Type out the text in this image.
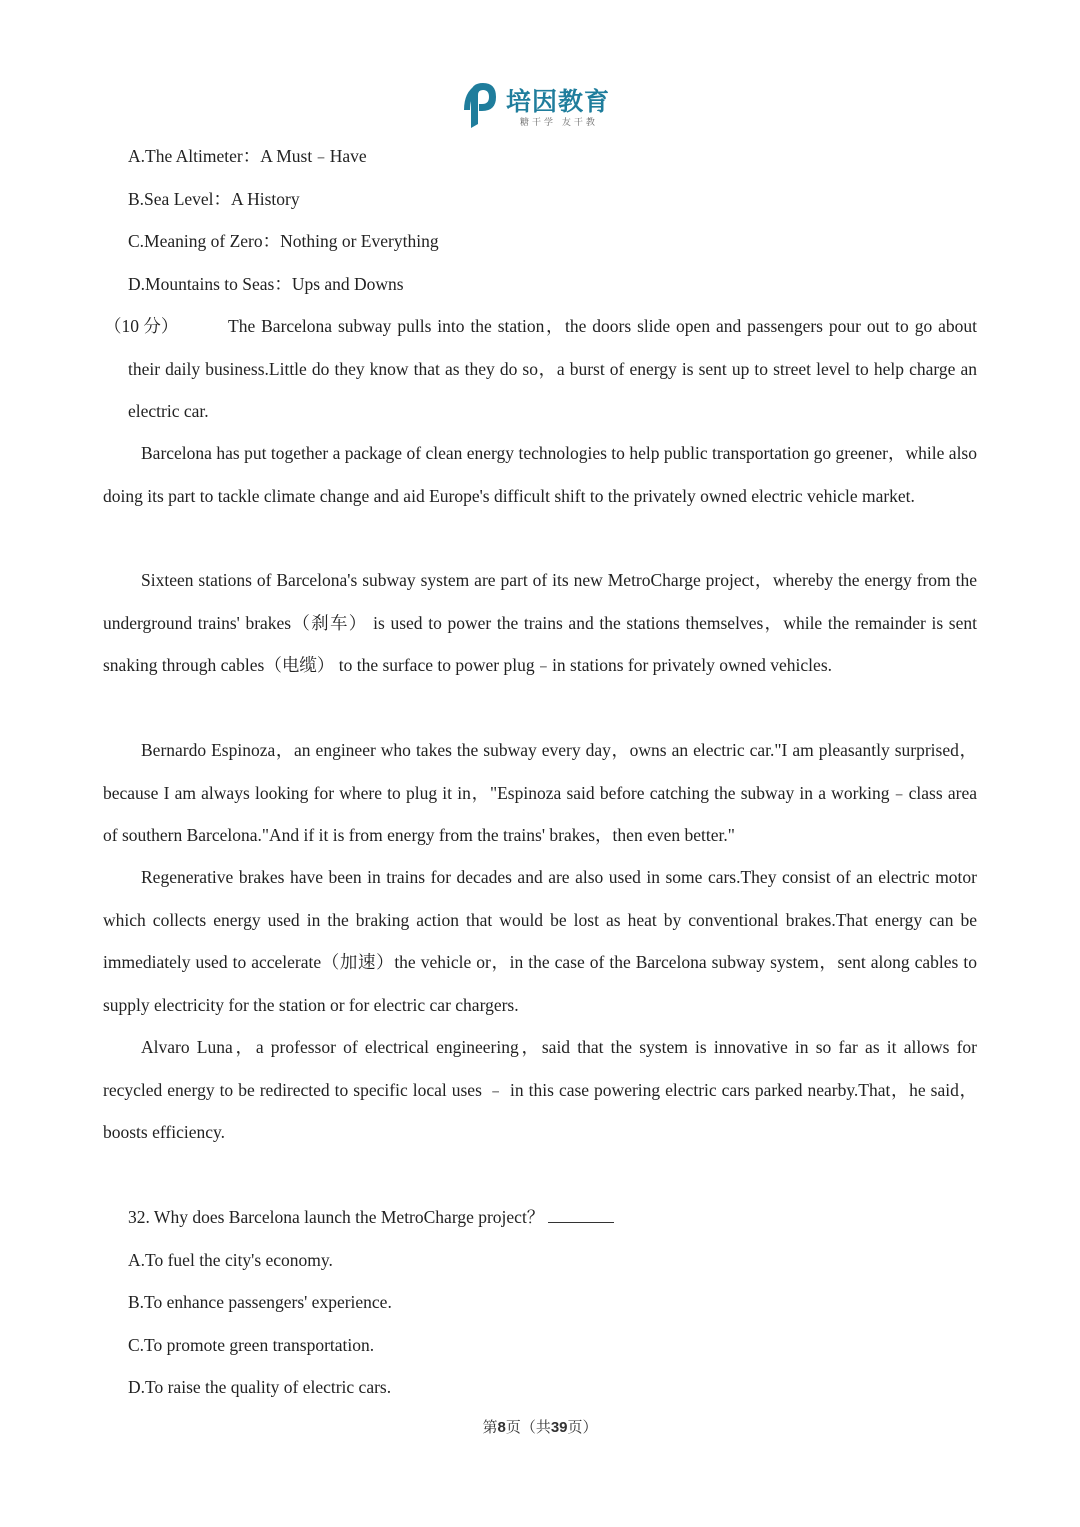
培因教育
糖干学 友干教
A.The Altimeter：A Must﹣Have
B.Sea Level：A History
C.Meaning of Zero：Nothing or Everything
D.Mountains to Seas：Ups and Downs

（10 分）	The Barcelona subway pulls into the station，the doors slide open and passengers pour out to go about their daily business.Little do they know that as they do so，a burst of energy is sent up to street level to help charge an electric car.

Barcelona has put together a package of clean energy technologies to help public transportation go greener，while also doing its part to tackle climate change and aid Europe's difficult shift to the privately owned electric vehicle market.

Sixteen stations of Barcelona's subway system are part of its new MetroCharge project，whereby the energy from the underground trains' brakes（刹车） is used to power the trains and the stations themselves，while the remainder is sent snaking through cables（电缆） to the surface to power plug﹣in stations for privately owned vehicles.

Bernardo Espinoza，an engineer who takes the subway every day，owns an electric car."I am pleasantly surprised，because I am always looking for where to plug it in，"Espinoza said before catching the subway in a working﹣class area of southern Barcelona."And if it is from energy from the trains' brakes，then even better."

Regenerative brakes have been in trains for decades and are also used in some cars.They consist of an electric motor which collects energy used in the braking action that would be lost as heat by conventional brakes.That energy can be immediately used to accelerate（加速）the vehicle or，in the case of the Barcelona subway system，sent along cables to supply electricity for the station or for electric car chargers.

Alvaro Luna，a professor of electrical engineering，said that the system is innovative in so far as it allows for recycled energy to be redirected to specific local uses ﹣ in this case powering electric cars parked nearby.That，he said，boosts efficiency.

32. Why does Barcelona launch the MetroCharge project？
A.To fuel the city's economy.
B.To enhance passengers' experience.
C.To promote green transportation.
D.To raise the quality of electric cars.
第8页（共39页）
